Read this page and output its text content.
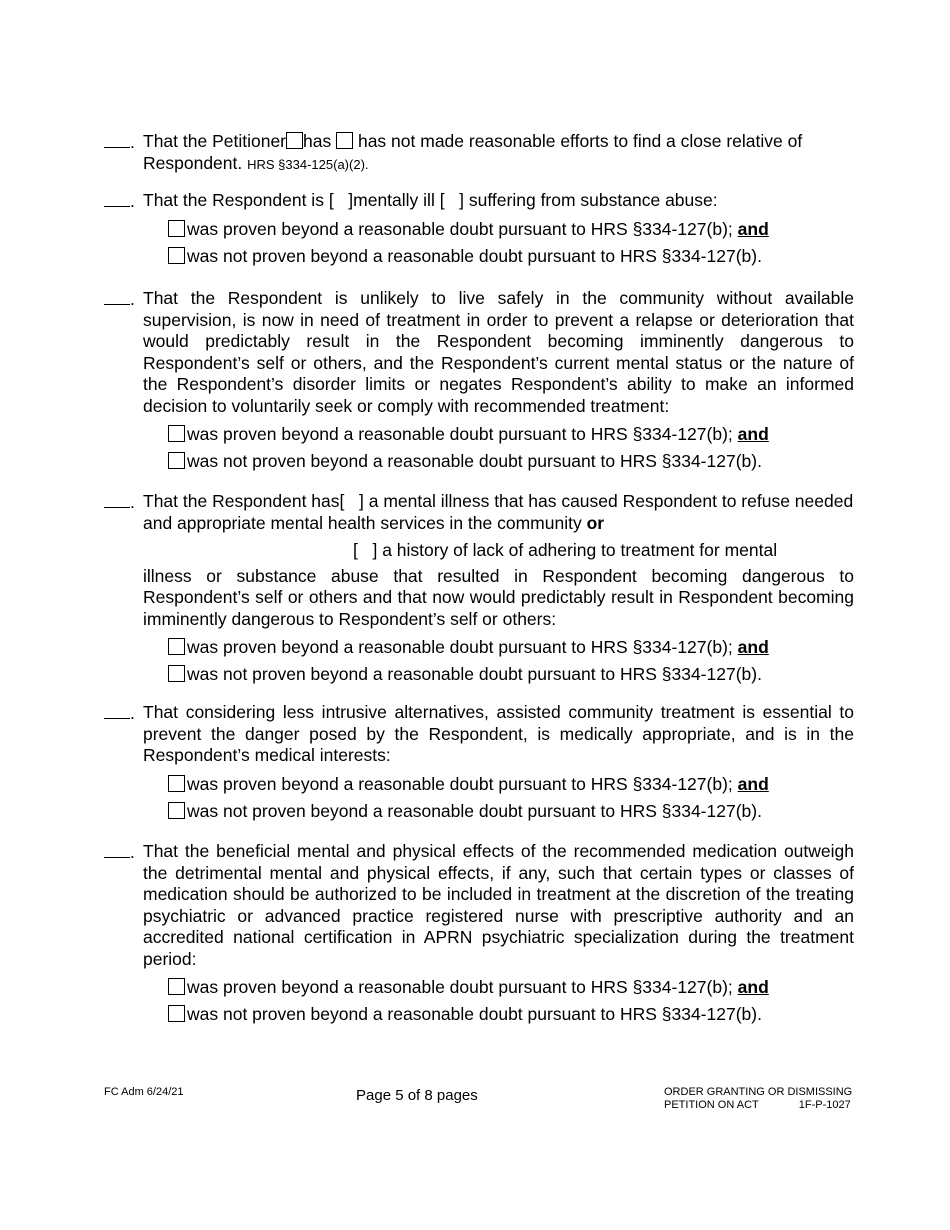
. That the Petitioner has has not made reasonable efforts to find a close relative of Respondent. HRS §334-125(a)(2).
. That the Respondent is [   ]mentally ill [   ] suffering from substance abuse:
was proven beyond a reasonable doubt pursuant to HRS §334-127(b); and
was not proven beyond a reasonable doubt pursuant to HRS §334-127(b).
. That the Respondent is unlikely to live safely in the community without available supervision, is now in need of treatment in order to prevent a relapse or deterioration that would predictably result in the Respondent becoming imminently dangerous to Respondent’s self or others, and the Respondent’s current mental status or the nature of the Respondent’s disorder limits or negates Respondent’s ability to make an informed decision to voluntarily seek or comply with recommended treatment:
was proven beyond a reasonable doubt pursuant to HRS §334-127(b); and
was not proven beyond a reasonable doubt pursuant to HRS §334-127(b).
. That the Respondent has[   ] a mental illness that has caused Respondent to refuse needed and appropriate mental health services in the community or
[   ] a history of lack of adhering to treatment for mental
illness or substance abuse that resulted in Respondent becoming dangerous to Respondent’s self or others and that now would predictably result in Respondent becoming imminently dangerous to Respondent’s self or others:
was proven beyond a reasonable doubt pursuant to HRS §334-127(b); and
was not proven beyond a reasonable doubt pursuant to HRS §334-127(b).
. That considering less intrusive alternatives, assisted community treatment is essential to prevent the danger posed by the Respondent, is medically appropriate, and is in the Respondent’s medical interests:
was proven beyond a reasonable doubt pursuant to HRS §334-127(b); and
was not proven beyond a reasonable doubt pursuant to HRS §334-127(b).
. That the beneficial mental and physical effects of the recommended medication outweigh the detrimental mental and physical effects, if any, such that certain types or classes of medication should be authorized to be included in treatment at the discretion of the treating psychiatric or advanced practice registered nurse with prescriptive authority and an accredited national certification in APRN psychiatric specialization during the treatment period:
was proven beyond a reasonable doubt pursuant to HRS §334-127(b); and
was not proven beyond a reasonable doubt pursuant to HRS §334-127(b).
FC Adm 6/24/21	Page 5 of 8 pages	ORDER GRANTING OR DISMISSING
PETITION ON ACT	1F-P-1027
